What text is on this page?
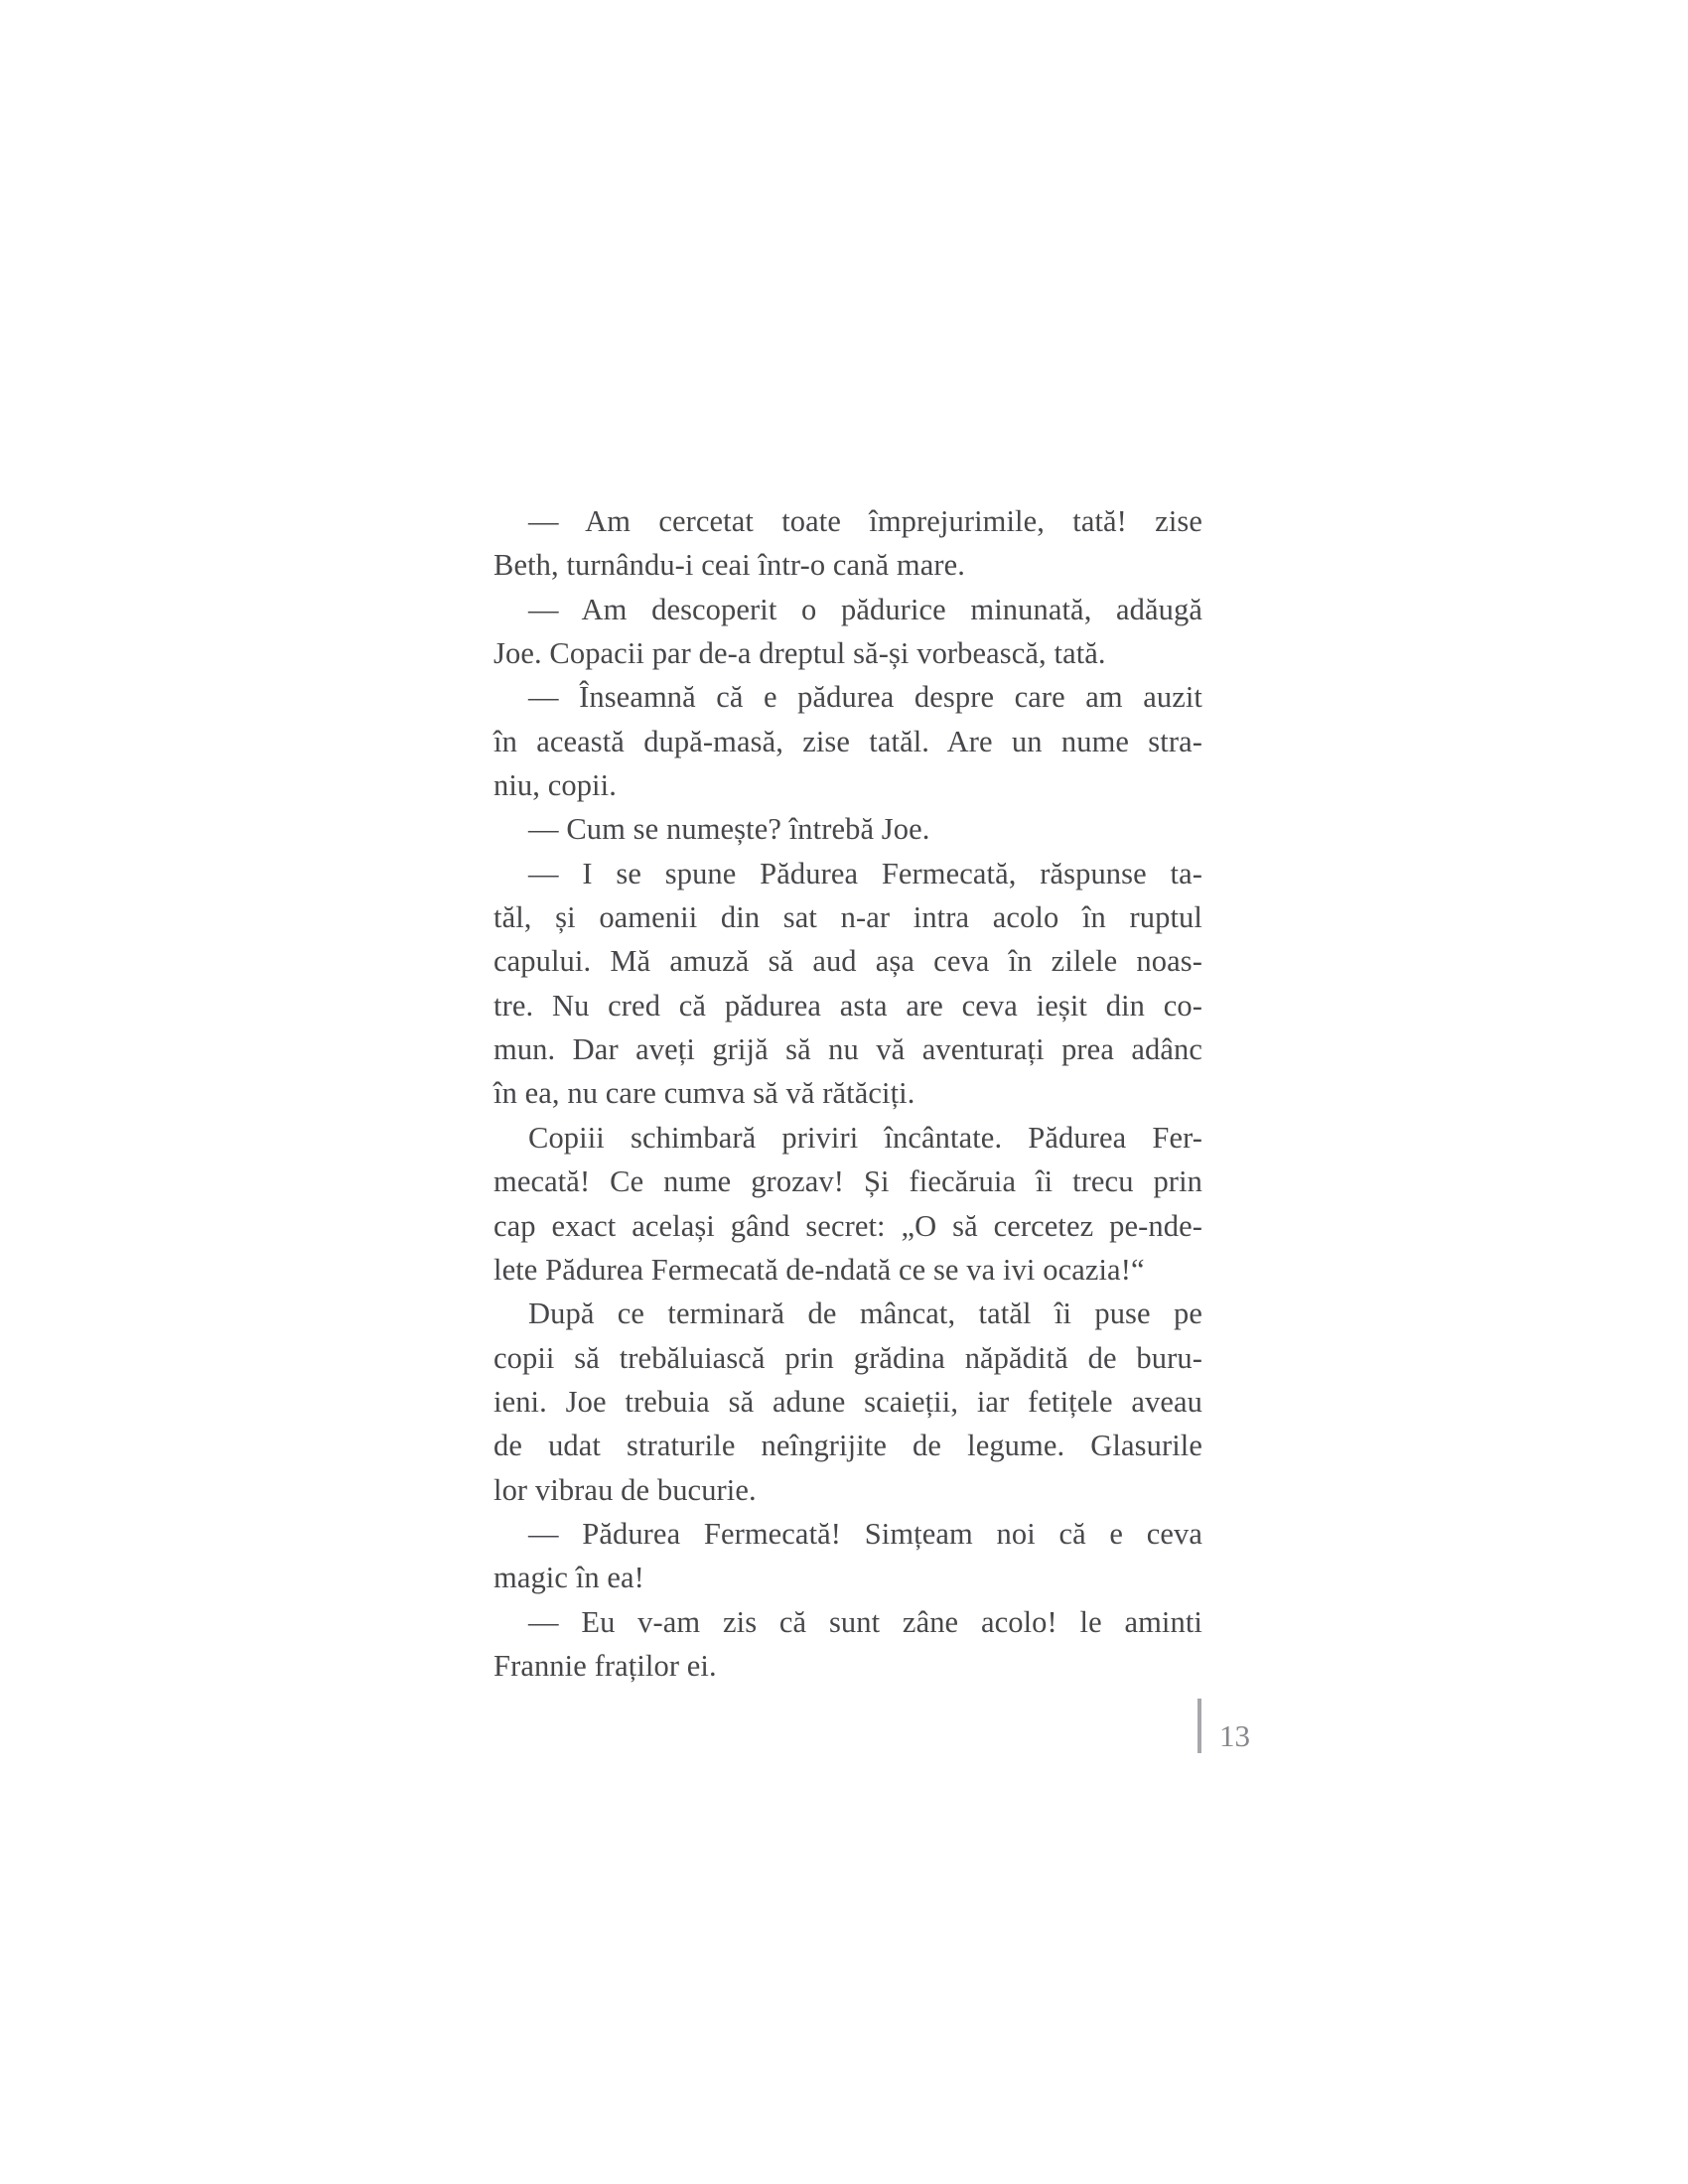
— Am cercetat toate împrejurimile, tată! zise
Beth, turnându-i ceai într-o cană mare.
— Am descoperit o pădurice minunată, adăugă
Joe. Copacii par de-a dreptul să-și vorbească, tată.
— Înseamnă că e pădurea despre care am auzit
în această după-masă, zise tatăl. Are un nume stra-
niu, copii.
— Cum se numește? întrebă Joe.
— I se spune Pădurea Fermecată, răspunse ta-
tăl, și oamenii din sat n-ar intra acolo în ruptul
capului. Mă amuză să aud așa ceva în zilele noas-
tre. Nu cred că pădurea asta are ceva ieșit din co-
mun. Dar aveți grijă să nu vă aventurați prea adânc
în ea, nu care cumva să vă rătăciți.
Copiii schimbară priviri încântate. Pădurea Fer-
mecată! Ce nume grozav! Și fiecăruia îi trecu prin
cap exact același gând secret: „O să cercetez pe-nde-
lete Pădurea Fermecată de-ndată ce se va ivi ocazia!“
După ce terminară de mâncat, tatăl îi puse pe
copii să trebăluiască prin grădina năpădită de buru-
ieni. Joe trebuia să adune scaieții, iar fetițele aveau
de udat straturile neîngrijite de legume. Glasurile
lor vibrau de bucurie.
— Pădurea Fermecată! Simțeam noi că e ceva
magic în ea!
— Eu v-am zis că sunt zâne acolo! le aminti
Frannie fraților ei.
13
